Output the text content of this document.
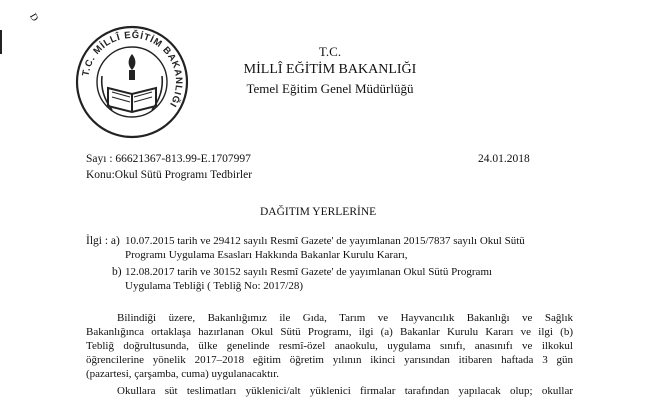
D
T.C. MİLLÎ EĞİTİM BAKANLIĞI
T.C.
MİLLÎ EĞİTİM BAKANLIĞI
Temel Eğitim Genel Müdürlüğü
Sayı : 66621367-813.99-E.1707997	24.01.2018
Konu:Okul Sütü Programı Tedbirler
DAĞITIM YERLERİNE
İlgi : a) 10.07.2015 tarih ve 29412 sayılı Resmî Gazete' de yayımlanan 2015/7837 sayılı Okul Sütü
Programı Uygulama Esasları Hakkında Bakanlar Kurulu Kararı,
b) 12.08.2017 tarih ve 30152 sayılı Resmî Gazete' de yayımlanan Okul Sütü Programı
Uygulama Tebliği ( Tebliğ No: 2017/28)
Bilindiği üzere, Bakanlığımız ile Gıda, Tarım ve Hayvancılık Bakanlığı ve Sağlık
Bakanlığınca ortaklaşa hazırlanan Okul Sütü Programı, ilgi (a) Bakanlar Kurulu Kararı ve ilgi (b)
Tebliğ doğrultusunda, ülke genelinde resmî-özel anaokulu, uygulama sınıfı, anasınıfı ve ilkokul
öğrencilerine yönelik 2017–2018 eğitim öğretim yılının ikinci yarısından itibaren haftada 3 gün
(pazartesi, çarşamba, cuma) uygulanacaktır.
Okullara süt teslimatları yüklenici/alt yüklenici firmalar tarafından yapılacak olup; okullar
